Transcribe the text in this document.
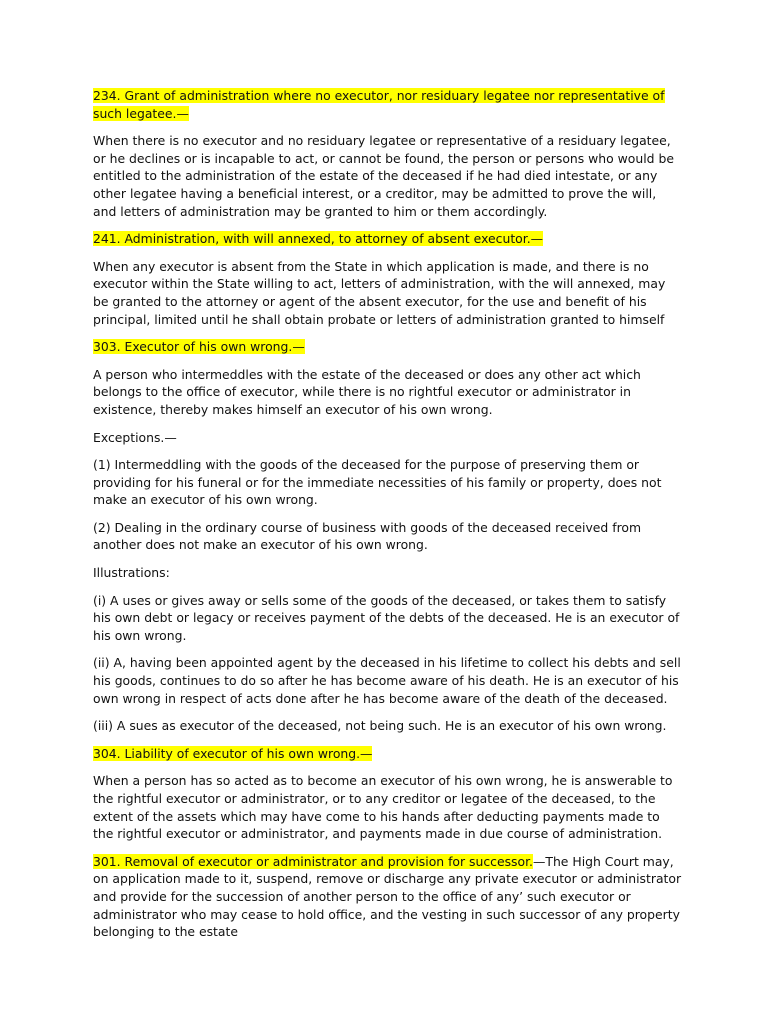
234. Grant of administration where no executor, nor residuary legatee nor representative of such legatee.—

When there is no executor and no residuary legatee or representative of a residuary legatee, or he declines or is incapable to act, or cannot be found, the person or persons who would be entitled to the administration of the estate of the deceased if he had died intestate, or any other legatee having a beneficial interest, or a creditor, may be admitted to prove the will, and letters of administration may be granted to him or them accordingly.

241. Administration, with will annexed, to attorney of absent executor.—

When any executor is absent from the State in which application is made, and there is no executor within the State willing to act, letters of administration, with the will annexed, may be granted to the attorney or agent of the absent executor, for the use and benefit of his principal, limited until he shall obtain probate or letters of administration granted to himself

303. Executor of his own wrong.—

A person who intermeddles with the estate of the deceased or does any other act which belongs to the office of executor, while there is no rightful executor or administrator in existence, thereby makes himself an executor of his own wrong.

Exceptions.—

(1) Intermeddling with the goods of the deceased for the purpose of preserving them or providing for his funeral or for the immediate necessities of his family or property, does not make an executor of his own wrong.

(2) Dealing in the ordinary course of business with goods of the deceased received from another does not make an executor of his own wrong.

Illustrations:

(i) A uses or gives away or sells some of the goods of the deceased, or takes them to satisfy his own debt or legacy or receives payment of the debts of the deceased. He is an executor of his own wrong.

(ii) A, having been appointed agent by the deceased in his lifetime to collect his debts and sell his goods, continues to do so after he has become aware of his death. He is an executor of his own wrong in respect of acts done after he has become aware of the death of the deceased.

(iii) A sues as executor of the deceased, not being such. He is an executor of his own wrong.

304. Liability of executor of his own wrong.—

When a person has so acted as to become an executor of his own wrong, he is answerable to the rightful executor or administrator, or to any creditor or legatee of the deceased, to the extent of the assets which may have come to his hands after deducting payments made to the rightful executor or administrator, and payments made in due course of administration.

301. Removal of executor or administrator and provision for successor.—The High Court may, on application made to it, suspend, remove or discharge any private executor or administrator and provide for the succession of another person to the office of any’ such executor or administrator who may cease to hold office, and the vesting in such successor of any property belonging to the estate
